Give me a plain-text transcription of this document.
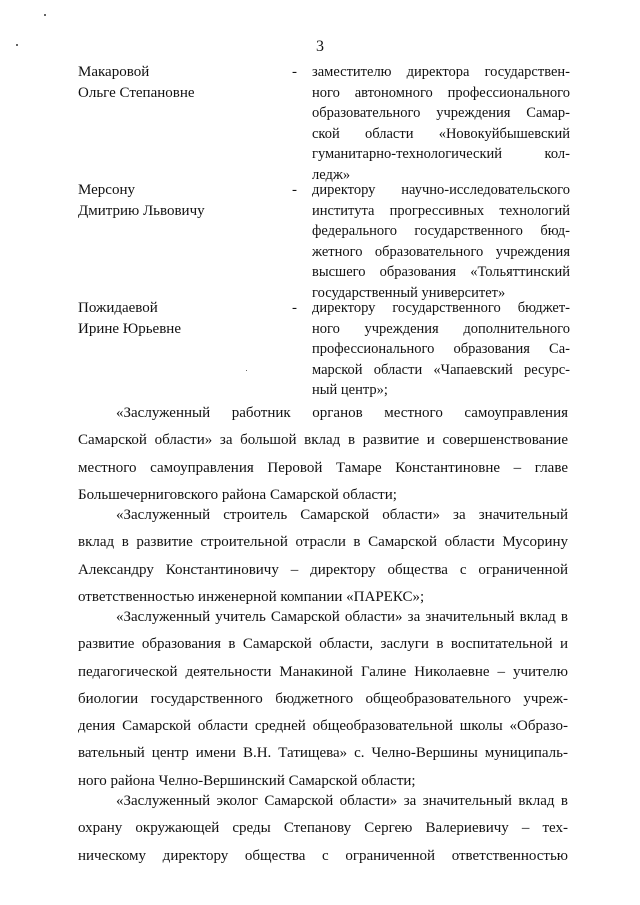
3
Макаровой
Ольге Степановне
- заместителю директора государствен-
ного автономного профессионального
образовательного учреждения Самар-
ской области «Новокуйбышевский
гуманитарно-технологический кол-
ледж»
Мерсону
Дмитрию Львовичу
- директору научно-исследовательского
института прогрессивных технологий
федерального государственного бюд-
жетного образовательного учреждения
высшего образования «Тольяттинский
государственный университет»
Пожидаевой
Ирине Юрьевне
- директору государственного бюджет-
ного учреждения дополнительного
профессионального образования Са-
марской области «Чапаевский ресурс-
ный центр»;
«Заслуженный работник органов местного самоуправления
Самарской области» за большой вклад в развитие и совершенствование
местного самоуправления Перовой Тамаре Константиновне – главе
Большечерниговского района Самарской области;
«Заслуженный строитель Самарской области» за значительный
вклад в развитие строительной отрасли в Самарской области Мусорину
Александру Константиновичу – директору общества с ограниченной
ответственностью инженерной компании «ПАРЕКС»;
«Заслуженный учитель Самарской области» за значительный вклад в
развитие образования в Самарской области, заслуги в воспитательной и
педагогической деятельности Манакиной Галине Николаевне – учителю
биологии государственного бюджетного общеобразовательного учреж-
дения Самарской области средней общеобразовательной школы «Образо-
вательный центр имени В.Н. Татищева» с. Челно-Вершины муниципаль-
ного района Челно-Вершинский Самарской области;
«Заслуженный эколог Самарской области» за значительный вклад в
охрану окружающей среды Степанову Сергею Валериевичу – тех-
ническому директору общества с ограниченной ответственностью
